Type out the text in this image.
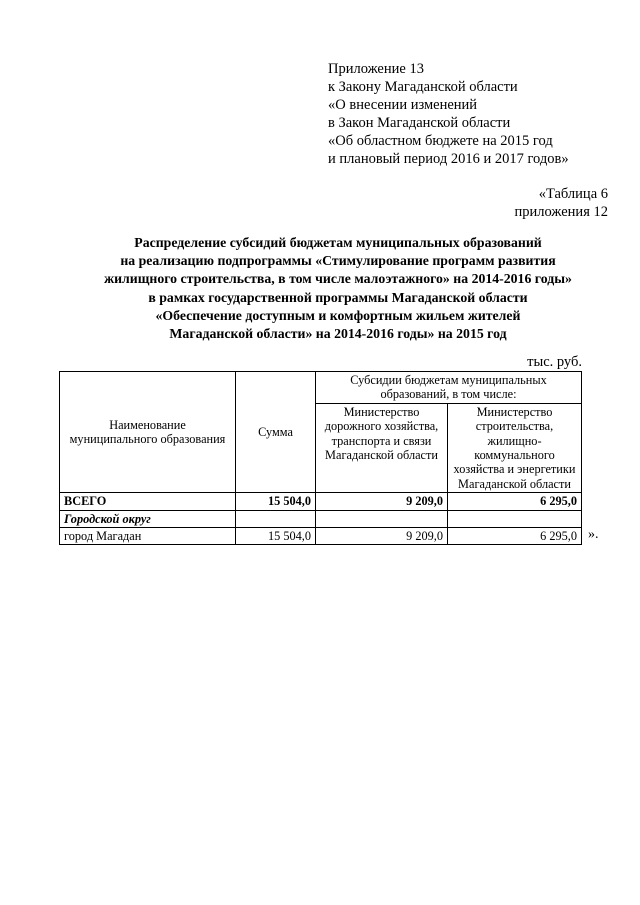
Приложение 13
к Закону Магаданской области
«О внесении изменений
в Закон Магаданской области
«Об областном бюджете на 2015 год
и плановый период 2016 и 2017 годов»
«Таблица 6
приложения 12
Распределение субсидий бюджетам муниципальных образований
на реализацию подпрограммы «Стимулирование программ развития
жилищного строительства, в том числе малоэтажного» на 2014-2016 годы»
в рамках государственной программы Магаданской области
«Обеспечение доступным и комфортным жильем жителей
Магаданской области» на 2014-2016 годы» на 2015 год
тыс. руб.
Наименование муниципального образования	Сумма	Субсидии бюджетам муниципальных образований, в том числе:	
		Министерство дорожного хозяйства, транспорта и связи Магаданской области	Министерство строительства, жилищно-коммунального хозяйства и энергетики Магаданской области
ВСЕГО	15 504,0	9 209,0	6 295,0
Городской округ			
город Магадан	15 504,0	9 209,0	6 295,0 ».
